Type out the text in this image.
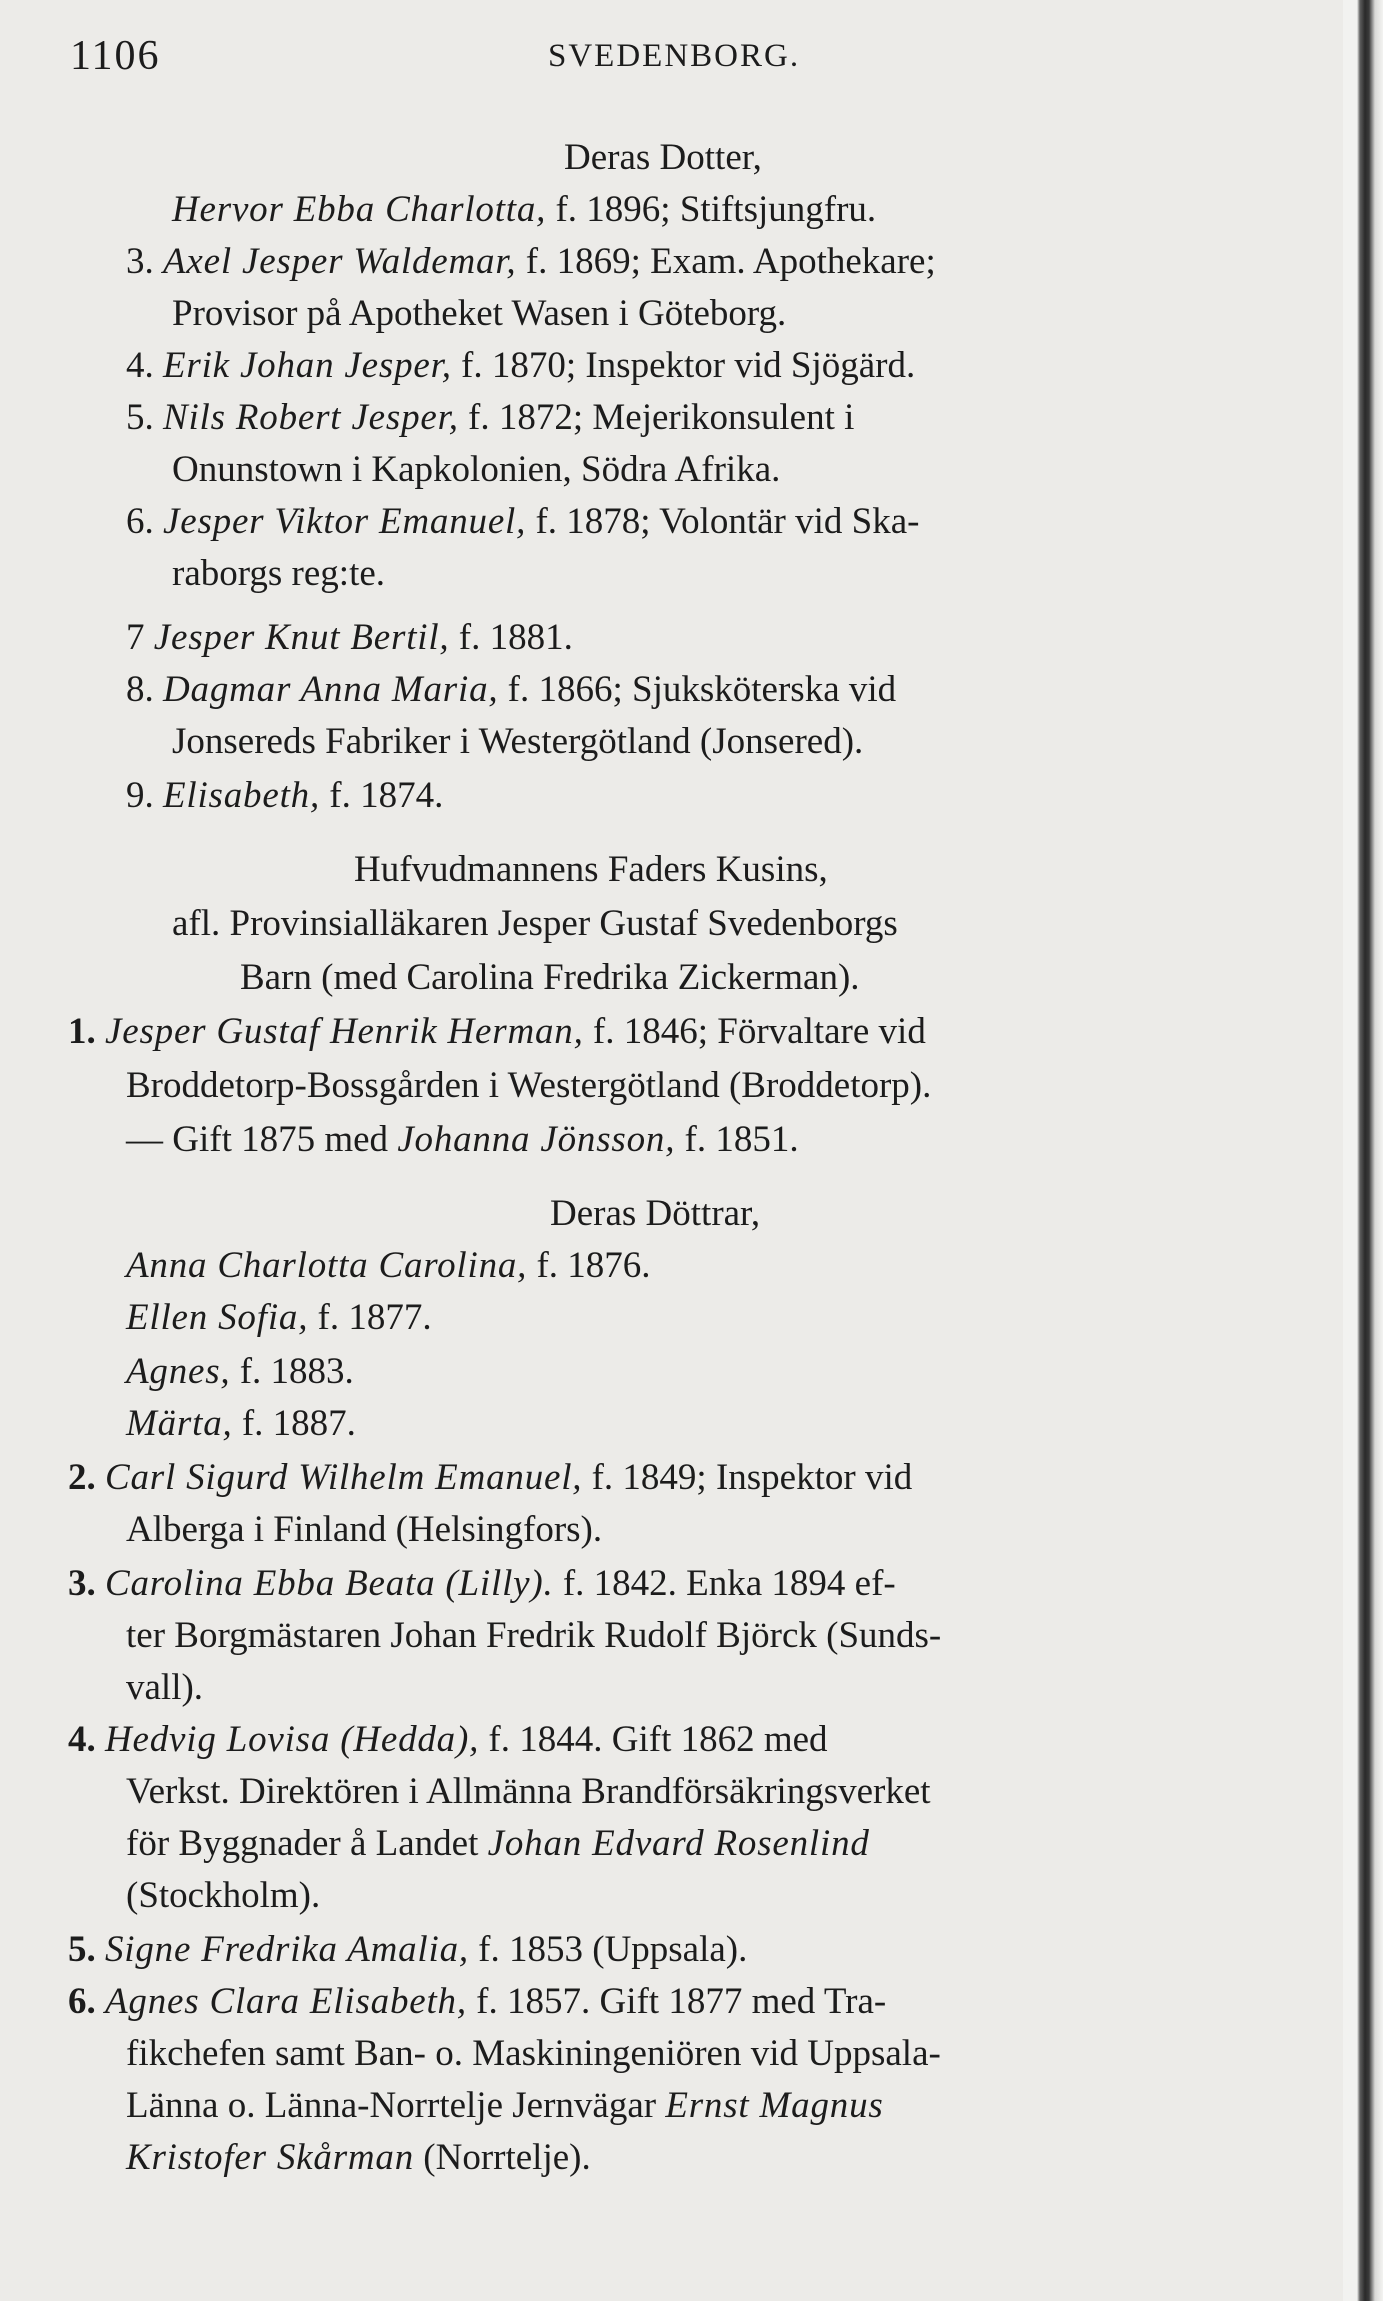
1106	SVEDENBORG.
Deras Dotter,
Hervor Ebba Charlotta, f. 1896; Stiftsjungfru.
3. Axel Jesper Waldemar, f. 1869; Exam. Apothekare;
Provisor på Apotheket Wasen i Göteborg.
4. Erik Johan Jesper, f. 1870; Inspektor vid Sjögärd.
5. Nils Robert Jesper, f. 1872; Mejerikonsulent i
Onunstown i Kapkolonien, Södra Afrika.
6. Jesper Viktor Emanuel, f. 1878; Volontär vid Ska-
raborgs reg:te.
7 Jesper Knut Bertil, f. 1881.
8. Dagmar Anna Maria, f. 1866; Sjuksköterska vid
Jonsereds Fabriker i Westergötland (Jonsered).
9. Elisabeth, f. 1874.
Hufvudmannens Faders Kusins,
afl. Provinsialläkaren Jesper Gustaf Svedenborgs
Barn (med Carolina Fredrika Zickerman).
1. Jesper Gustaf Henrik Herman, f. 1846; Förvaltare vid
Broddetorp-Bossgården i Westergötland (Broddetorp).
— Gift 1875 med Johanna Jönsson, f. 1851.
Deras Döttrar,
Anna Charlotta Carolina, f. 1876.
Ellen Sofia, f. 1877.
Agnes, f. 1883.
Märta, f. 1887.
2. Carl Sigurd Wilhelm Emanuel, f. 1849; Inspektor vid
Alberga i Finland (Helsingfors).
3. Carolina Ebba Beata (Lilly). f. 1842. Enka 1894 ef-
ter Borgmästaren Johan Fredrik Rudolf Björck (Sunds-
vall).
4. Hedvig Lovisa (Hedda), f. 1844. Gift 1862 med
Verkst. Direktören i Allmänna Brandförsäkringsverket
för Byggnader å Landet Johan Edvard Rosenlind
(Stockholm).
5. Signe Fredrika Amalia, f. 1853 (Uppsala).
6. Agnes Clara Elisabeth, f. 1857. Gift 1877 med Tra-
fikchefen samt Ban- o. Maskiningeniören vid Uppsala-
Länna o. Länna-Norrtelje Jernvägar Ernst Magnus
Kristofer Skårman (Norrtelje).
